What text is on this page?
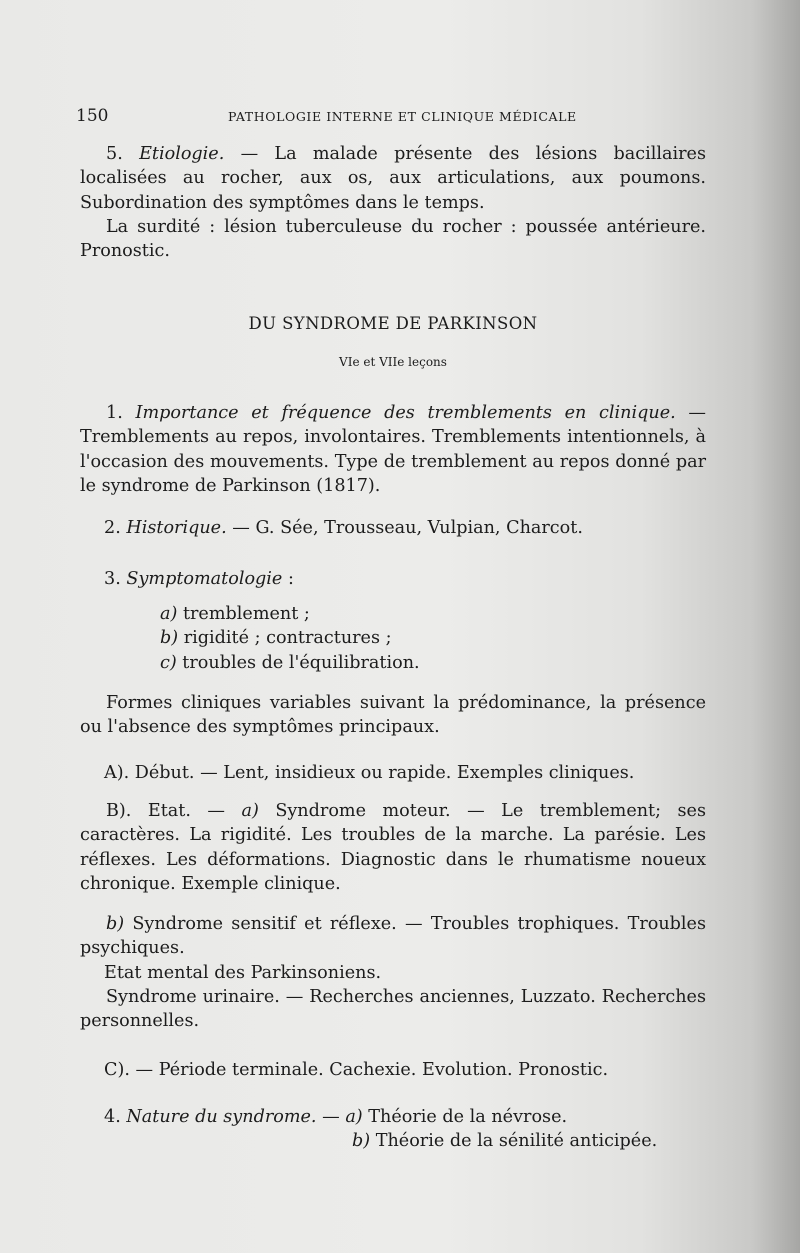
150	PATHOLOGIE INTERNE ET CLINIQUE MÉDICALE
5. Etiologie. — La malade présente des lésions bacillaires localisées au rocher, aux os, aux articulations, aux poumons. Subordination des symptômes dans le temps.
La surdité : lésion tuberculeuse du rocher : poussée antérieure. Pronostic.
DU SYNDROME DE PARKINSON
VIe et VIIe leçons
1. Importance et fréquence des tremblements en clinique. — Tremblements au repos, involontaires. Tremblements intentionnels, à l'occasion des mouvements. Type de tremblement au repos donné par le syndrome de Parkinson (1817).
2. Historique. — G. Sée, Trousseau, Vulpian, Charcot.
3. Symptomatologie :
a) tremblement ;
b) rigidité ; contractures ;
c) troubles de l'équilibration.
Formes cliniques variables suivant la prédominance, la présence ou l'absence des symptômes principaux.
A). Début. — Lent, insidieux ou rapide. Exemples cliniques.
B). Etat. — a) Syndrome moteur. — Le tremblement; ses caractères. La rigidité. Les troubles de la marche. La parésie. Les réflexes. Les déformations. Diagnostic dans le rhumatisme noueux chronique. Exemple clinique.
b) Syndrome sensitif et réflexe. — Troubles trophiques. Troubles psychiques.
Etat mental des Parkinsoniens.
Syndrome urinaire. — Recherches anciennes, Luzzato. Recherches personnelles.
C). — Période terminale. Cachexie. Evolution. Pronostic.
4. Nature du syndrome. — a) Théorie de la névrose.
b) Théorie de la sénilité anticipée.
